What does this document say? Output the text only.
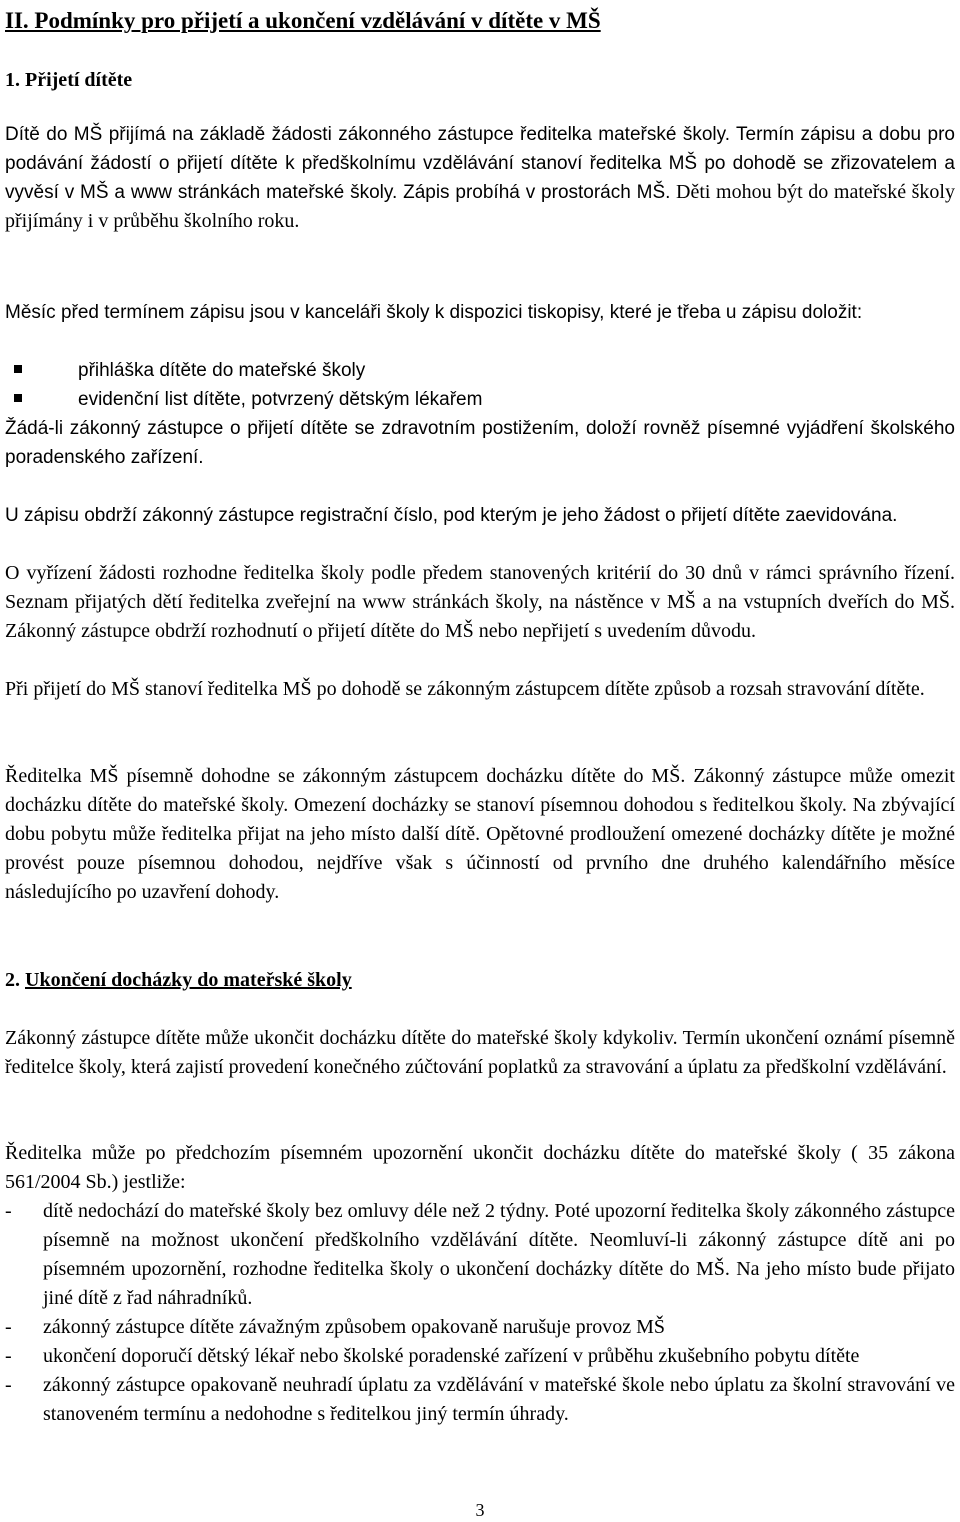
II. Podmínky pro přijetí a ukončení vzdělávání v dítěte v MŠ
1. Přijetí dítěte

Dítě do MŠ přijímá na základě žádosti zákonného zástupce ředitelka mateřské školy. Termín zápisu a dobu pro podávání žádostí o přijetí dítěte k předškolnímu vzdělávání stanoví ředitelka MŠ po dohodě se zřizovatelem a vyvěsí v MŠ a www stránkách mateřské školy. Zápis probíhá v prostorách MŠ. Děti mohou být do mateřské školy přijímány i v průběhu školního roku.

Měsíc před termínem zápisu jsou v kanceláři školy k dispozici tiskopisy, které je třeba u zápisu doložit:

přihláška dítěte do mateřské školy
evidenční list dítěte, potvrzený dětským lékařem

Žádá-li zákonný zástupce o přijetí dítěte se zdravotním postižením, doloží rovněž písemné vyjádření školského poradenského zařízení.

U zápisu obdrží zákonný zástupce registrační číslo, pod kterým je jeho žádost o přijetí dítěte zaevidována.

O vyřízení žádosti rozhodne ředitelka školy podle předem stanovených kritérií do 30 dnů v rámci správního řízení. Seznam přijatých dětí ředitelka zveřejní na www stránkách školy, na nástěnce v MŠ a na vstupních dveřích do MŠ. Zákonný zástupce obdrží rozhodnutí o přijetí dítěte do MŠ nebo nepřijetí s uvedením důvodu.

Při přijetí do MŠ stanoví ředitelka MŠ po dohodě se zákonným zástupcem dítěte způsob a rozsah stravování dítěte.

Ředitelka MŠ písemně dohodne se zákonným zástupcem docházku dítěte do MŠ. Zákonný zástupce může omezit docházku dítěte do mateřské školy. Omezení docházky se stanoví písemnou dohodou s ředitelkou školy. Na zbývající dobu pobytu může ředitelka přijat na jeho místo další dítě. Opětovné prodloužení omezené docházky dítěte je možné provést pouze písemnou dohodou, nejdříve však s účinností od prvního dne druhého kalendářního měsíce následujícího po uzavření dohody.

2. Ukončení docházky do mateřské školy

Zákonný zástupce dítěte může ukončit docházku dítěte do mateřské školy kdykoliv. Termín ukončení oznámí písemně ředitelce školy, která zajistí provedení konečného zúčtování poplatků za stravování a úplatu za předškolní vzdělávání.

Ředitelka může po předchozím písemném upozornění ukončit docházku dítěte do mateřské školy ( 35 zákona 561/2004 Sb.) jestliže:

- dítě nedochází do mateřské školy bez omluvy déle než 2 týdny. Poté upozorní ředitelka školy zákonného zástupce písemně na možnost ukončení předškolního vzdělávání dítěte. Neomluví-li zákonný zástupce dítě ani po písemném upozornění, rozhodne ředitelka školy o ukončení docházky dítěte do MŠ. Na jeho místo bude přijato jiné dítě z řad náhradníků.
- zákonný zástupce dítěte závažným způsobem opakovaně narušuje provoz MŠ
- ukončení doporučí dětský lékař nebo školské poradenské zařízení v průběhu zkušebního pobytu dítěte
- zákonný zástupce opakovaně neuhradí úplatu za vzdělávání v mateřské škole nebo úplatu za školní stravování ve stanoveném termínu a nedohodne s ředitelkou jiný termín úhrady.
3
